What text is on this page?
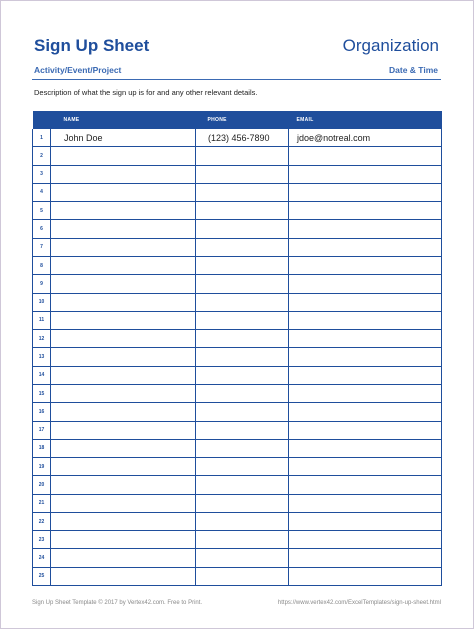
Sign Up Sheet	Organization
Activity/Event/Project	Date & Time
Description of what the sign up is for and any other relevant details.
	NAME	PHONE	EMAIL
1	John Doe	(123) 456-7890	jdoe@notreal.com
2			
3			
4			
5			
6			
7			
8			
9			
10			
11			
12			
13			
14			
15			
16			
17			
18			
19			
20			
21			
22			
23			
24			
25			
Sign Up Sheet Template © 2017 by Vertex42.com. Free to Print.	https://www.vertex42.com/ExcelTemplates/sign-up-sheet.html
